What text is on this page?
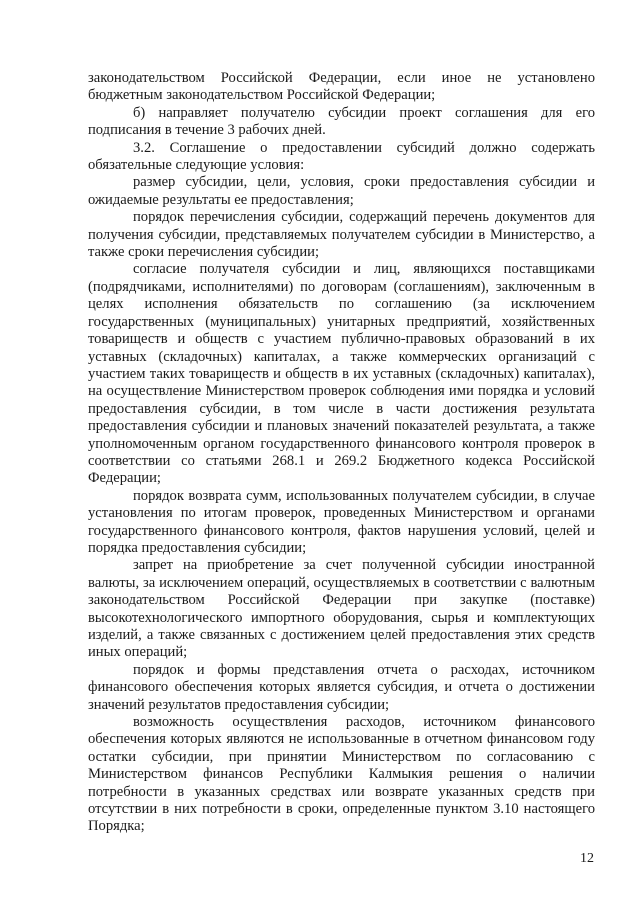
законодательством Российской Федерации, если иное не установлено бюджетным законодательством Российской Федерации;

б) направляет получателю субсидии проект соглашения для его подписания в течение 3 рабочих дней.

3.2. Соглашение о предоставлении субсидий должно содержать обязательные следующие условия:

размер субсидии, цели, условия, сроки предоставления субсидии и ожидаемые результаты ее предоставления;

порядок перечисления субсидии, содержащий перечень документов для получения субсидии, представляемых получателем субсидии в Министерство, а также сроки перечисления субсидии;

согласие получателя субсидии и лиц, являющихся поставщиками (подрядчиками, исполнителями) по договорам (соглашениям), заключенным в целях исполнения обязательств по соглашению (за исключением государственных (муниципальных) унитарных предприятий, хозяйственных товариществ и обществ с участием публично-правовых образований в их уставных (складочных) капиталах, а также коммерческих организаций с участием таких товариществ и обществ в их уставных (складочных) капиталах), на осуществление Министерством проверок соблюдения ими порядка и условий предоставления субсидии, в том числе в части достижения результата предоставления субсидии и плановых значений показателей результата, а также уполномоченным органом государственного финансового контроля проверок в соответствии со статьями 268.1 и 269.2 Бюджетного кодекса Российской Федерации;

порядок возврата сумм, использованных получателем субсидии, в случае установления по итогам проверок, проведенных Министерством и органами государственного финансового контроля, фактов нарушения условий, целей и порядка предоставления субсидии;

запрет на приобретение за счет полученной субсидии иностранной валюты, за исключением операций, осуществляемых в соответствии с валютным законодательством Российской Федерации при закупке (поставке) высокотехнологического импортного оборудования, сырья и комплектующих изделий, а также связанных с достижением целей предоставления этих средств иных операций;

порядок и формы представления отчета о расходах, источником финансового обеспечения которых является субсидия, и отчета о достижении значений результатов предоставления субсидии;

возможность осуществления расходов, источником финансового обеспечения которых являются не использованные в отчетном финансовом году остатки субсидии, при принятии Министерством по согласованию с Министерством финансов Республики Калмыкия решения о наличии потребности в указанных средствах или возврате указанных средств при отсутствии в них потребности в сроки, определенные пунктом 3.10 настоящего Порядка;

12
